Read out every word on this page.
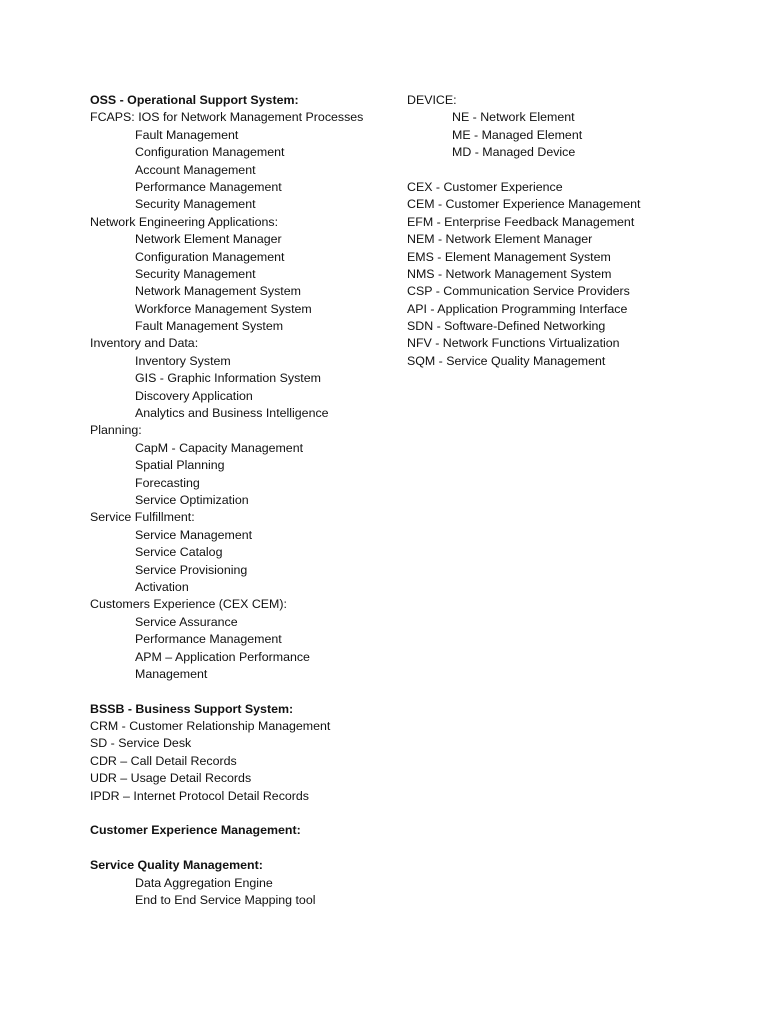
OSS - Operational Support System:
FCAPS: IOS for Network Management Processes
Fault Management
Configuration Management
Account Management
Performance Management
Security Management
Network Engineering Applications:
Network Element Manager
Configuration Management
Security Management
Network Management System
Workforce Management System
Fault Management System
Inventory and Data:
Inventory System
GIS - Graphic Information System
Discovery Application
Analytics and Business Intelligence
Planning:
CapM - Capacity Management
Spatial Planning
Forecasting
Service Optimization
Service Fulfillment:
Service Management
Service Catalog
Service Provisioning
Activation
Customers Experience (CEX CEM):
Service Assurance
Performance Management
APM – Application Performance
Management
BSSB - Business Support System:
CRM - Customer Relationship Management
SD - Service Desk
CDR – Call Detail Records
UDR – Usage Detail Records
IPDR – Internet Protocol Detail Records
Customer Experience Management:
Service Quality Management:
Data Aggregation Engine
End to End Service Mapping tool
DEVICE:
NE - Network Element
ME - Managed Element
MD - Managed Device
CEX - Customer Experience
CEM - Customer Experience Management
EFM - Enterprise Feedback Management
NEM - Network Element Manager
EMS - Element Management System
NMS - Network Management System
CSP - Communication Service Providers
API - Application Programming Interface
SDN - Software-Defined Networking
NFV - Network Functions Virtualization
SQM - Service Quality Management
